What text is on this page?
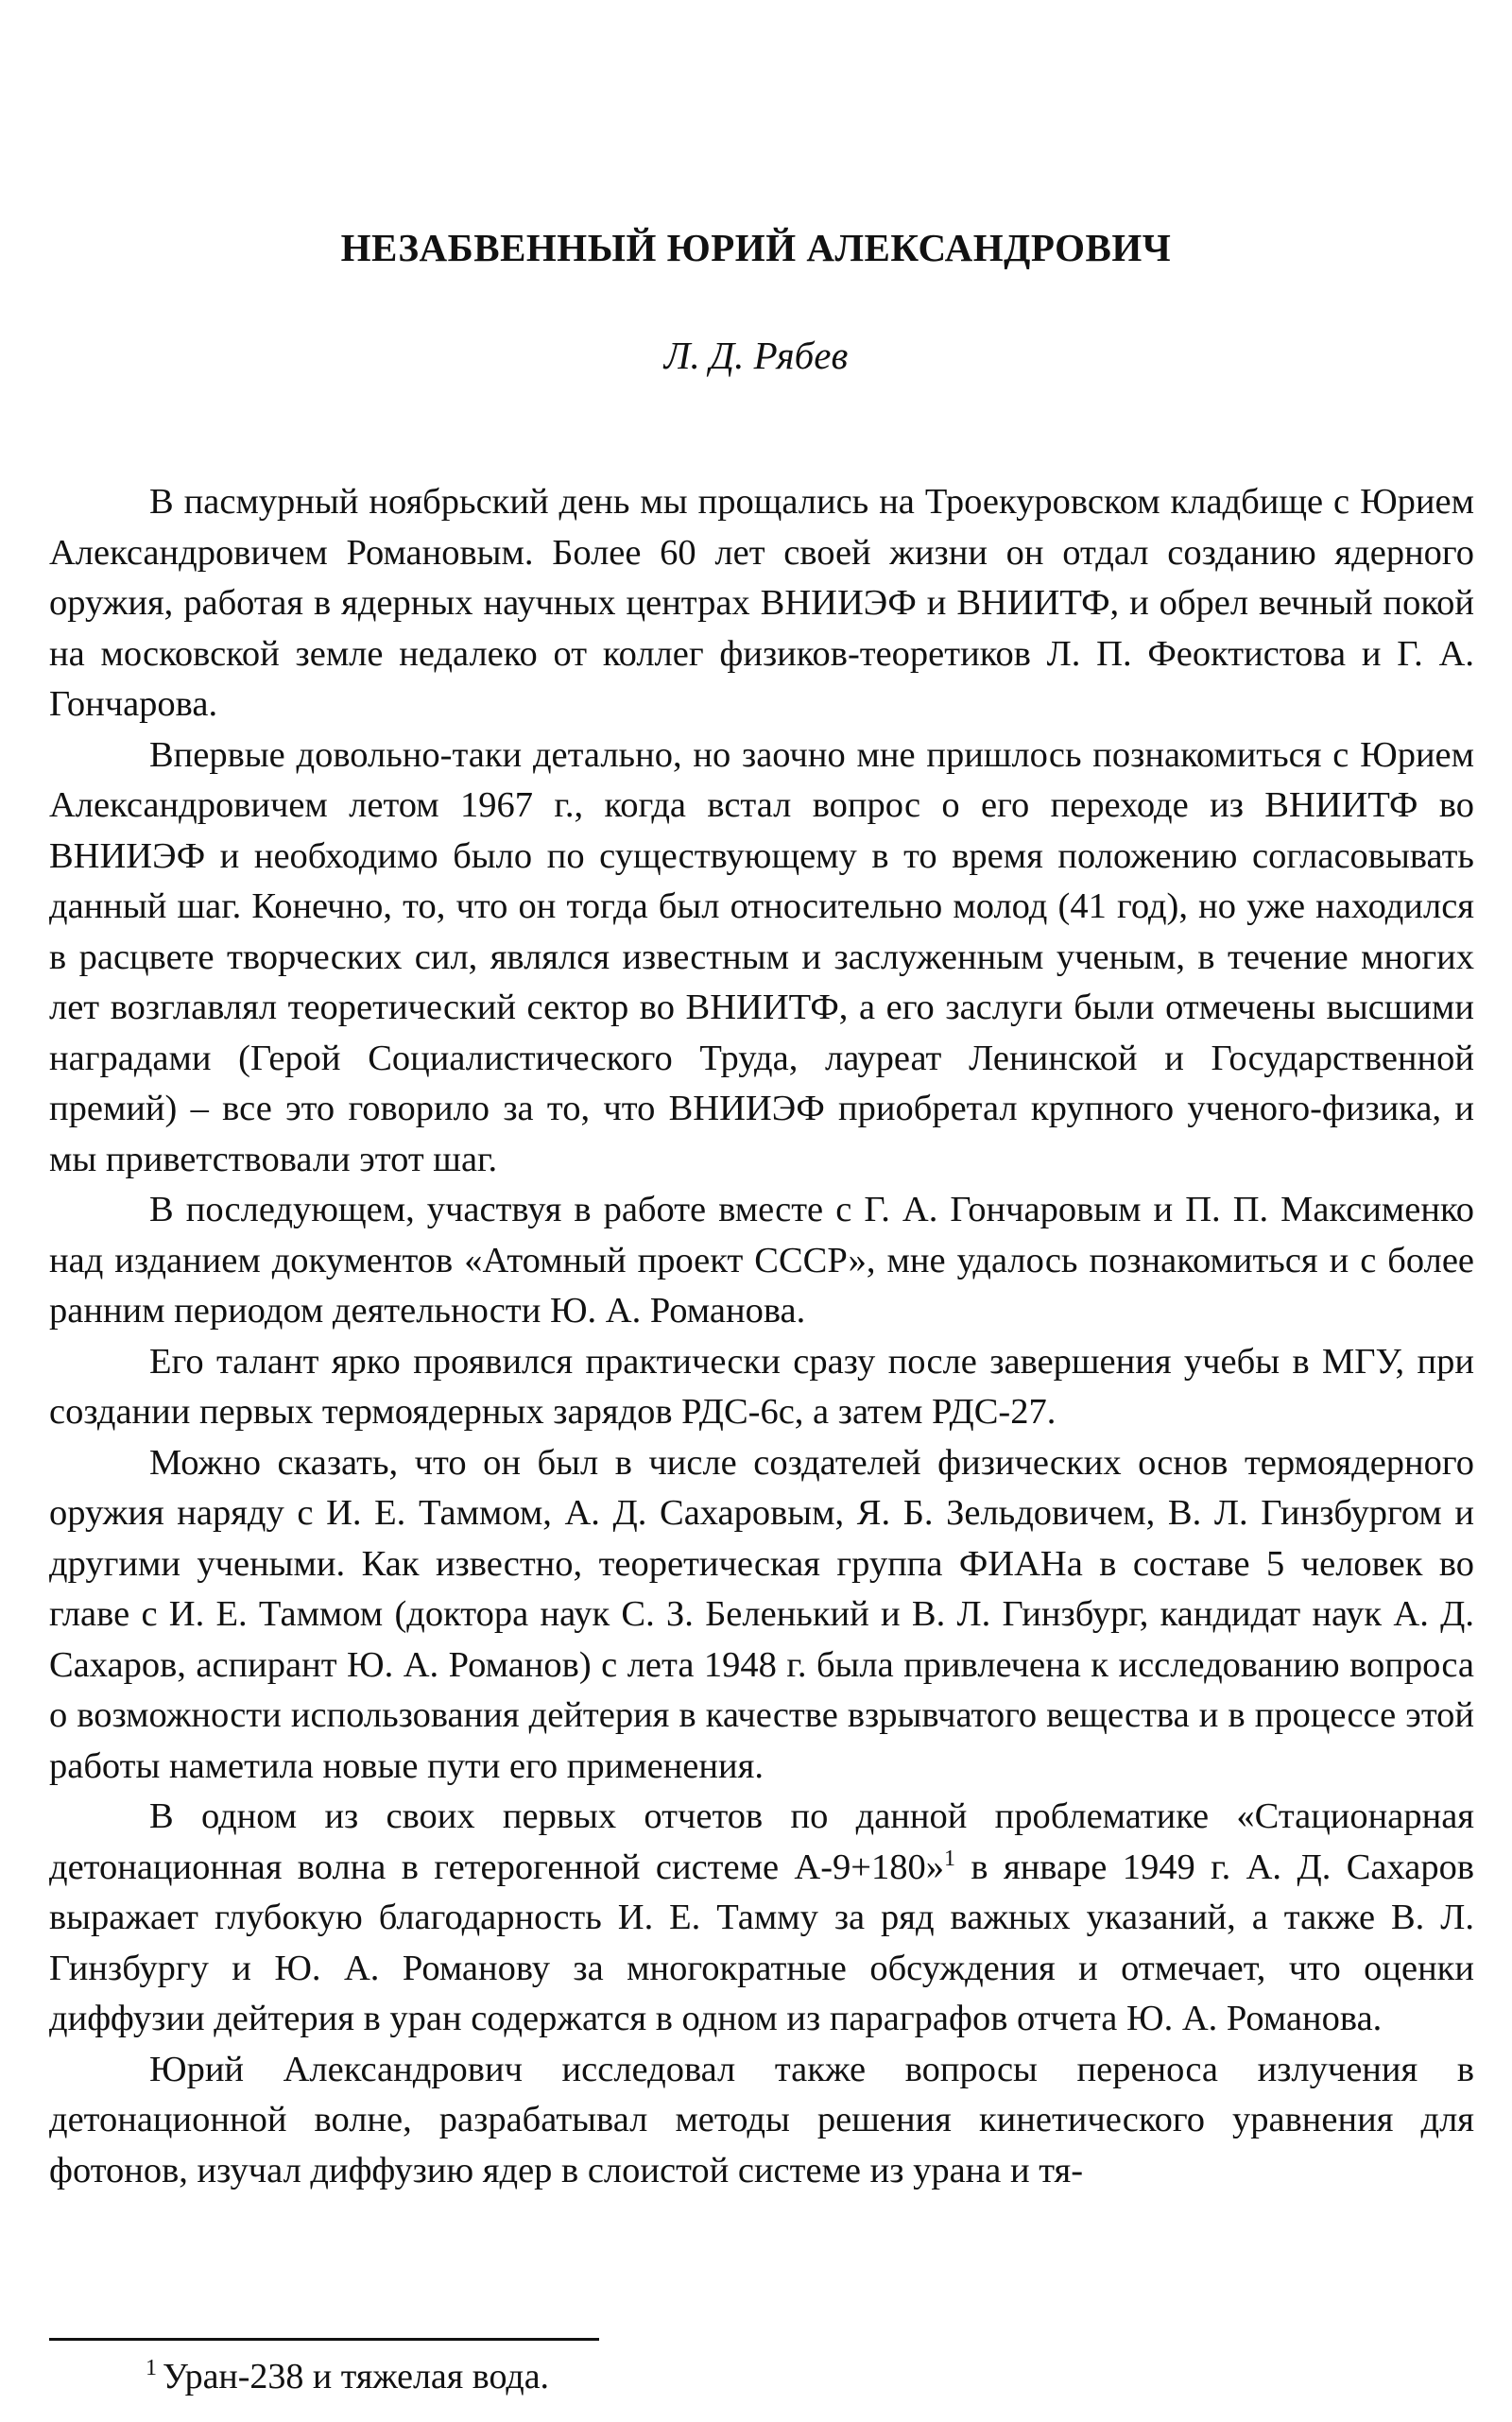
НЕЗАБВЕННЫЙ ЮРИЙ АЛЕКСАНДРОВИЧ
Л. Д. Рябев

В пасмурный ноябрьский день мы прощались на Троекуровском кладбище с Юрием Александровичем Романовым. Более 60 лет своей жизни он отдал созданию ядерного оружия, работая в ядерных научных центрах ВНИИЭФ и ВНИИТФ, и обрел вечный покой на московской земле недалеко от коллег физиков-теоретиков Л. П. Феоктистова и Г. А. Гончарова.

Впервые довольно-таки детально, но заочно мне пришлось познакомиться с Юрием Александровичем летом 1967 г., когда встал вопрос о его переходе из ВНИИТФ во ВНИИЭФ и необходимо было по существующему в то время положению согласовывать данный шаг. Конечно, то, что он тогда был относительно молод (41 год), но уже находился в расцвете творческих сил, являлся известным и заслуженным ученым, в течение многих лет возглавлял теоретический сектор во ВНИИТФ, а его заслуги были отмечены высшими наградами (Герой Социалистического Труда, лауреат Ленинской и Государственной премий) – все это говорило за то, что ВНИИЭФ приобретал крупного ученого-физика, и мы приветствовали этот шаг.

В последующем, участвуя в работе вместе с Г. А. Гончаровым и П. П. Максименко над изданием документов «Атомный проект СССР», мне удалось познакомиться и с более ранним периодом деятельности Ю. А. Романова.

Его талант ярко проявился практически сразу после завершения учебы в МГУ, при создании первых термоядерных зарядов РДС-6с, а затем РДС-27.

Можно сказать, что он был в числе создателей физических основ термоядерного оружия наряду с И. Е. Таммом, А. Д. Сахаровым, Я. Б. Зельдовичем, В. Л. Гинзбургом и другими учеными. Как известно, теоретическая группа ФИАНа в составе 5 человек во главе с И. Е. Таммом (доктора наук С. З. Беленький и В. Л. Гинзбург, кандидат наук А. Д. Сахаров, аспирант Ю. А. Романов) с лета 1948 г. была привлечена к исследованию вопроса о возможности использования дейтерия в качестве взрывчатого вещества и в процессе этой работы наметила новые пути его применения.

В одном из своих первых отчетов по данной проблематике «Стационарная детонационная волна в гетерогенной системе А-9+180»$^1$ в январе 1949 г. А. Д. Сахаров выражает глубокую благодарность И. Е. Тамму за ряд важных указаний, а также В. Л. Гинзбургу и Ю. А. Романову за многократные обсуждения и отмечает, что оценки диффузии дейтерия в уран содержатся в одном из параграфов отчета Ю. А. Романова.

Юрий Александрович исследовал также вопросы переноса излучения в детонационной волне, разрабатывал методы решения кинетического уравнения для фотонов, изучал диффузию ядер в слоистой системе из урана и тя-

$^1$ Уран-238 и тяжелая вода.
